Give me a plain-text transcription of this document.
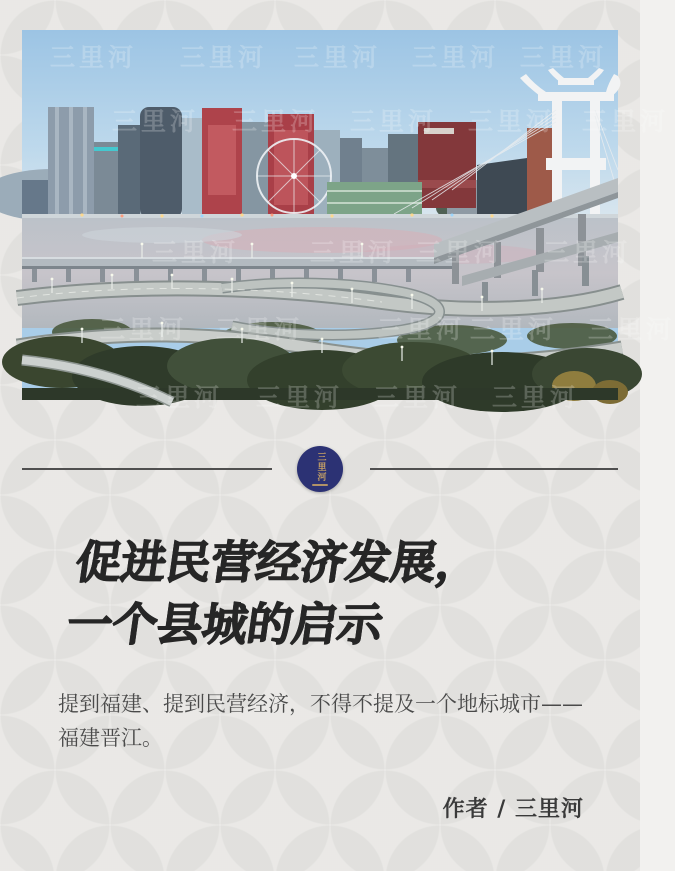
三里河 三里河 三里河 三里河 三里河
三里河 三里河 三里河 三里河 三里河
三里河	三里河 三里河 三里河
三里河 三里河	三里河 三里河 三里河
三里河 三里河 三里河 三里河
三里河
促进民营经济发展，
一个县城的启示

提到福建、提到民营经济，不得不提及一个地标城市——
福建晋江。

作者 / 三里河
